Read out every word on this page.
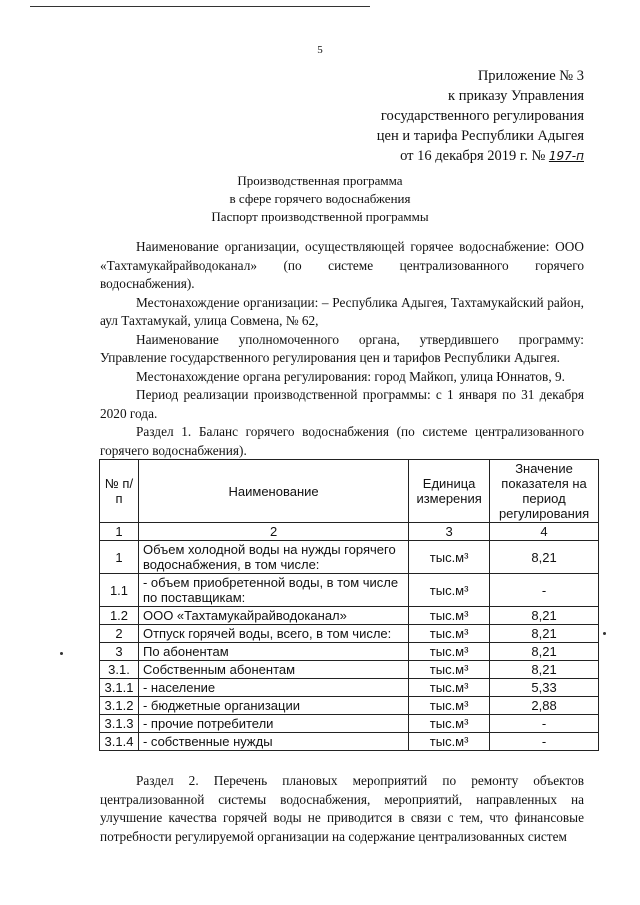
5
Приложение № 3
к приказу Управления
государственного регулирования
цен и тарифа Республики Адыгея
от 16 декабря 2019 г. № 197-п
Производственная программа
в сфере горячего водоснабжения
Паспорт производственной программы

Наименование организации, осуществляющей горячее водоснабжение: ООО «Тахтамукайрайводоканал» (по системе централизованного горячего водоснабжения).

Местонахождение организации: – Республика Адыгея, Тахтамукайский район, аул Тахтамукай, улица Совмена, № 62,

Наименование уполномоченного органа, утвердившего программу: Управление государственного регулирования цен и тарифов Республики Адыгея.

Местонахождение органа регулирования: город Майкоп, улица Юннатов, 9.

Период реализации производственной программы: с 1 января по 31 декабря 2020 года.

Раздел 1. Баланс горячего водоснабжения (по системе централизованного горячего водоснабжения).

№ п/п	Наименование	Единица измерения	Значение показателя на период регулирования
1	2	3	4
1	Объем холодной воды на нужды горячего водоснабжения, в том числе:	тыс.м³	8,21
1.1	- объем приобретенной воды, в том числе по поставщикам:	тыс.м³	-
1.2	ООО «Тахтамукайрайводоканал»	тыс.м³	8,21
2	Отпуск горячей воды, всего, в том числе:	тыс.м³	8,21
3	По абонентам	тыс.м³	8,21
3.1.	Собственным абонентам	тыс.м³	8,21
3.1.1	- население	тыс.м³	5,33
3.1.2	- бюджетные организации	тыс.м³	2,88
3.1.3	- прочие потребители	тыс.м³	-
3.1.4	- собственные нужды	тыс.м³	-

Раздел 2. Перечень плановых мероприятий по ремонту объектов централизованной системы водоснабжения, мероприятий, направленных на улучшение качества горячей воды не приводится в связи с тем, что финансовые потребности регулируемой организации на содержание централизованных систем
